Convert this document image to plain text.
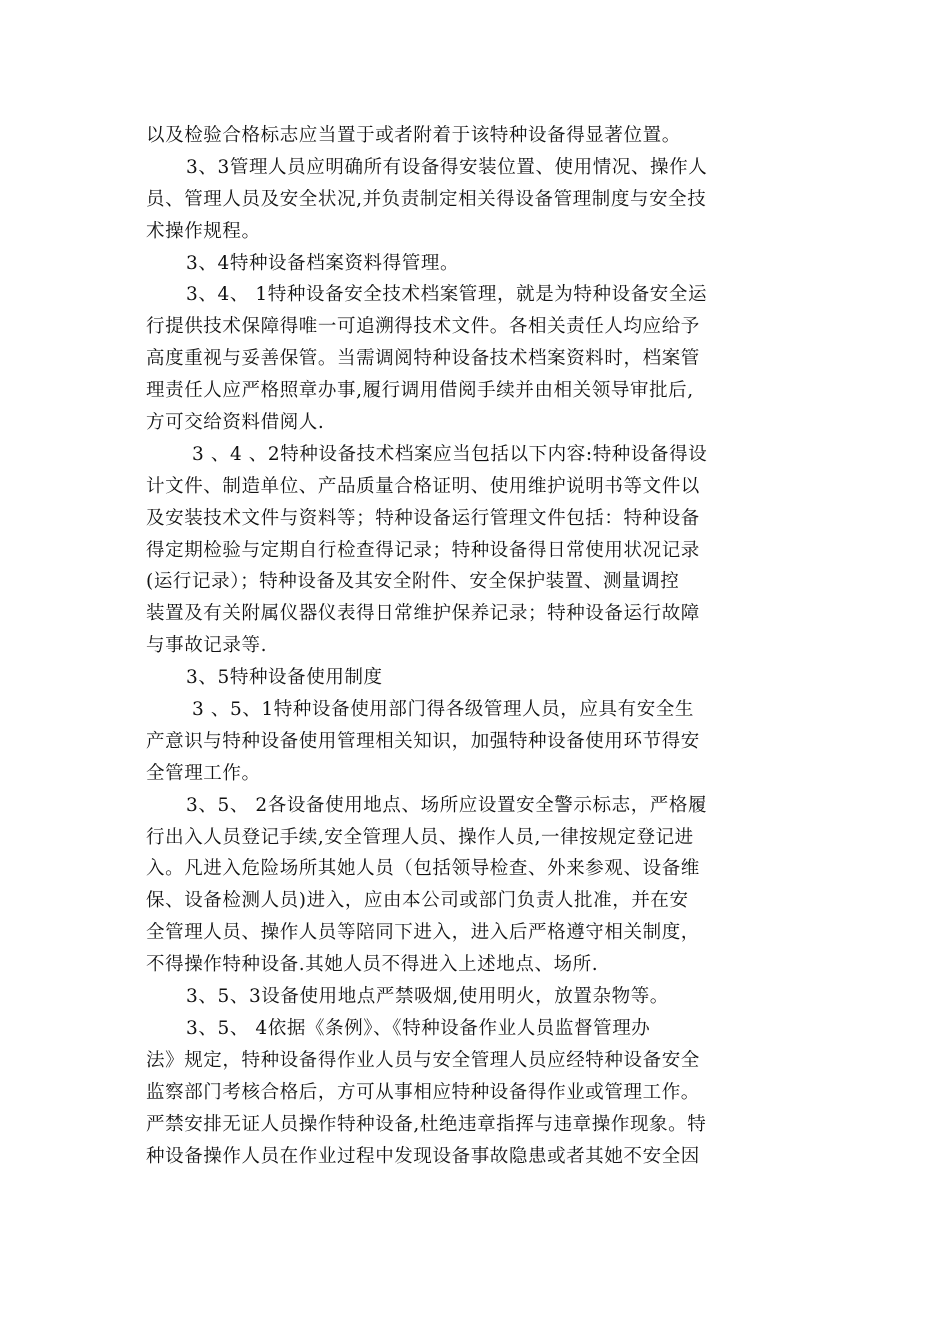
以及检验合格标志应当置于或者附着于该特种设备得显著位置。
3、3管理人员应明确所有设备得安装位置、使用情况、操作人
员、管理人员及安全状况,并负责制定相关得设备管理制度与安全技
术操作规程。
3、4特种设备档案资料得管理。
3、4、 1特种设备安全技术档案管理，就是为特种设备安全运
行提供技术保障得唯一可追溯得技术文件。各相关责任人均应给予
高度重视与妥善保管。当需调阅特种设备技术档案资料时，档案管
理责任人应严格照章办事,履行调用借阅手续并由相关领导审批后,
方可交给资料借阅人.
3 、4 、2特种设备技术档案应当包括以下内容:特种设备得设
计文件、制造单位、产品质量合格证明、使用维护说明书等文件以
及安装技术文件与资料等；特种设备运行管理文件包括：特种设备
得定期检验与定期自行检查得记录；特种设备得日常使用状况记录
(运行记录）；特种设备及其安全附件、安全保护装置、测量调控
装置及有关附属仪器仪表得日常维护保养记录；特种设备运行故障
与事故记录等.
3、5特种设备使用制度
3 、5、1特种设备使用部门得各级管理人员，应具有安全生
产意识与特种设备使用管理相关知识，加强特种设备使用环节得安
全管理工作。
3、5、 2各设备使用地点、场所应设置安全警示标志，严格履
行出入人员登记手续,安全管理人员、操作人员,一律按规定登记进
入。凡进入危险场所其她人员（包括领导检查、外来参观、设备维
保、设备检测人员)进入，应由本公司或部门负责人批准，并在安
全管理人员、操作人员等陪同下进入，进入后严格遵守相关制度，
不得操作特种设备.其她人员不得进入上述地点、场所.
3、5、3设备使用地点严禁吸烟,使用明火，放置杂物等。
3、5、 4依据《条例》、《特种设备作业人员监督管理办
法》规定，特种设备得作业人员与安全管理人员应经特种设备安全
监察部门考核合格后，方可从事相应特种设备得作业或管理工作。
严禁安排无证人员操作特种设备,杜绝违章指挥与违章操作现象。特
种设备操作人员在作业过程中发现设备事故隐患或者其她不安全因
